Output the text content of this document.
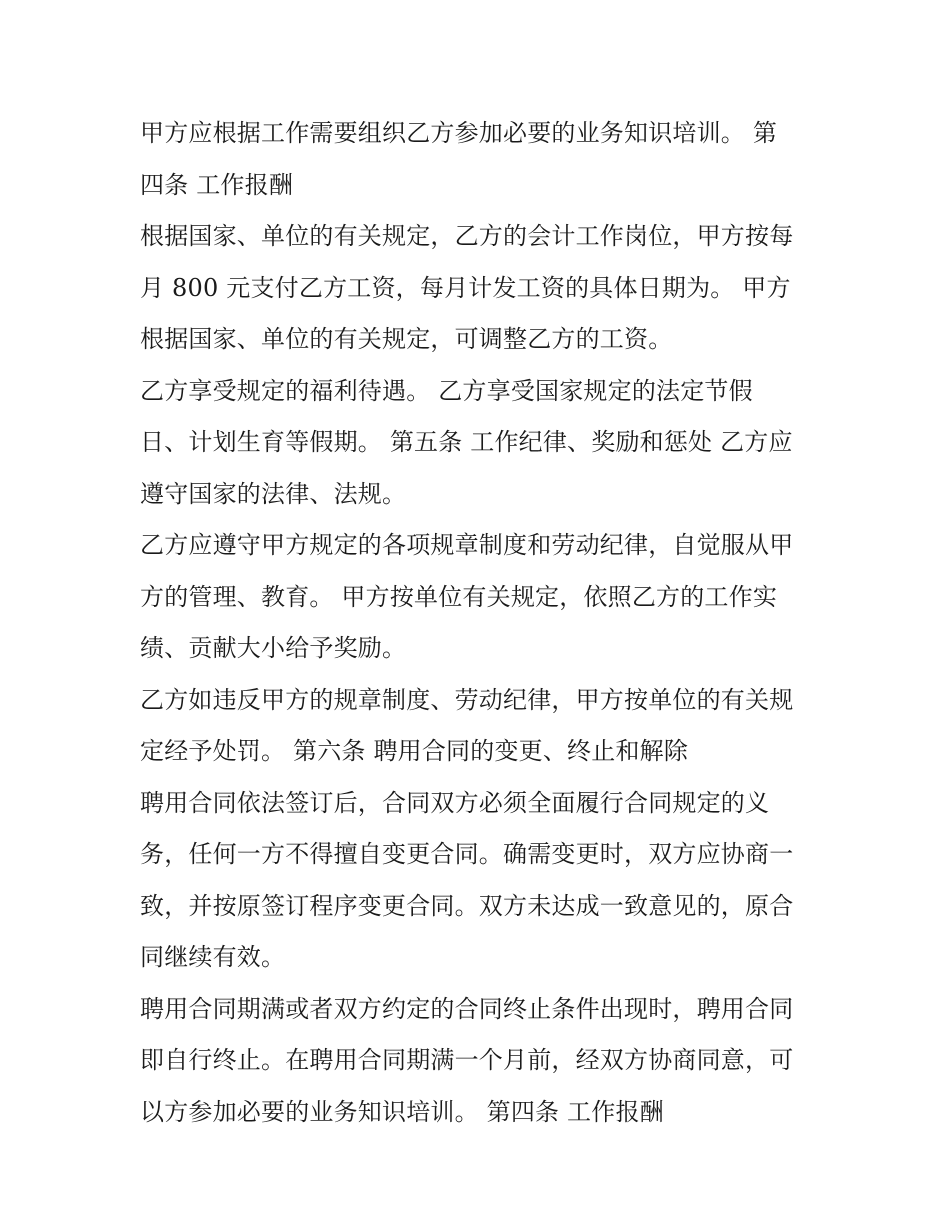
甲方应根据工作需要组织乙方参加必要的业务知识培训。 第
四条 工作报酬
根据国家、单位的有关规定，乙方的会计工作岗位，甲方按每
月 800 元支付乙方工资，每月计发工资的具体日期为。 甲方
根据国家、单位的有关规定，可调整乙方的工资。
乙方享受规定的福利待遇。 乙方享受国家规定的法定节假
日、计划生育等假期。 第五条 工作纪律、奖励和惩处 乙方应
遵守国家的法律、法规。
乙方应遵守甲方规定的各项规章制度和劳动纪律，自觉服从甲
方的管理、教育。 甲方按单位有关规定，依照乙方的工作实
绩、贡献大小给予奖励。
乙方如违反甲方的规章制度、劳动纪律，甲方按单位的有关规
定经予处罚。 第六条 聘用合同的变更、终止和解除
聘用合同依法签订后，合同双方必须全面履行合同规定的义
务，任何一方不得擅自变更合同。确需变更时，双方应协商一
致，并按原签订程序变更合同。双方未达成一致意见的，原合
同继续有效。
聘用合同期满或者双方约定的合同终止条件出现时，聘用合同
即自行终止。在聘用合同期满一个月前，经双方协商同意，可
以方参加必要的业务知识培训。 第四条 工作报酬
